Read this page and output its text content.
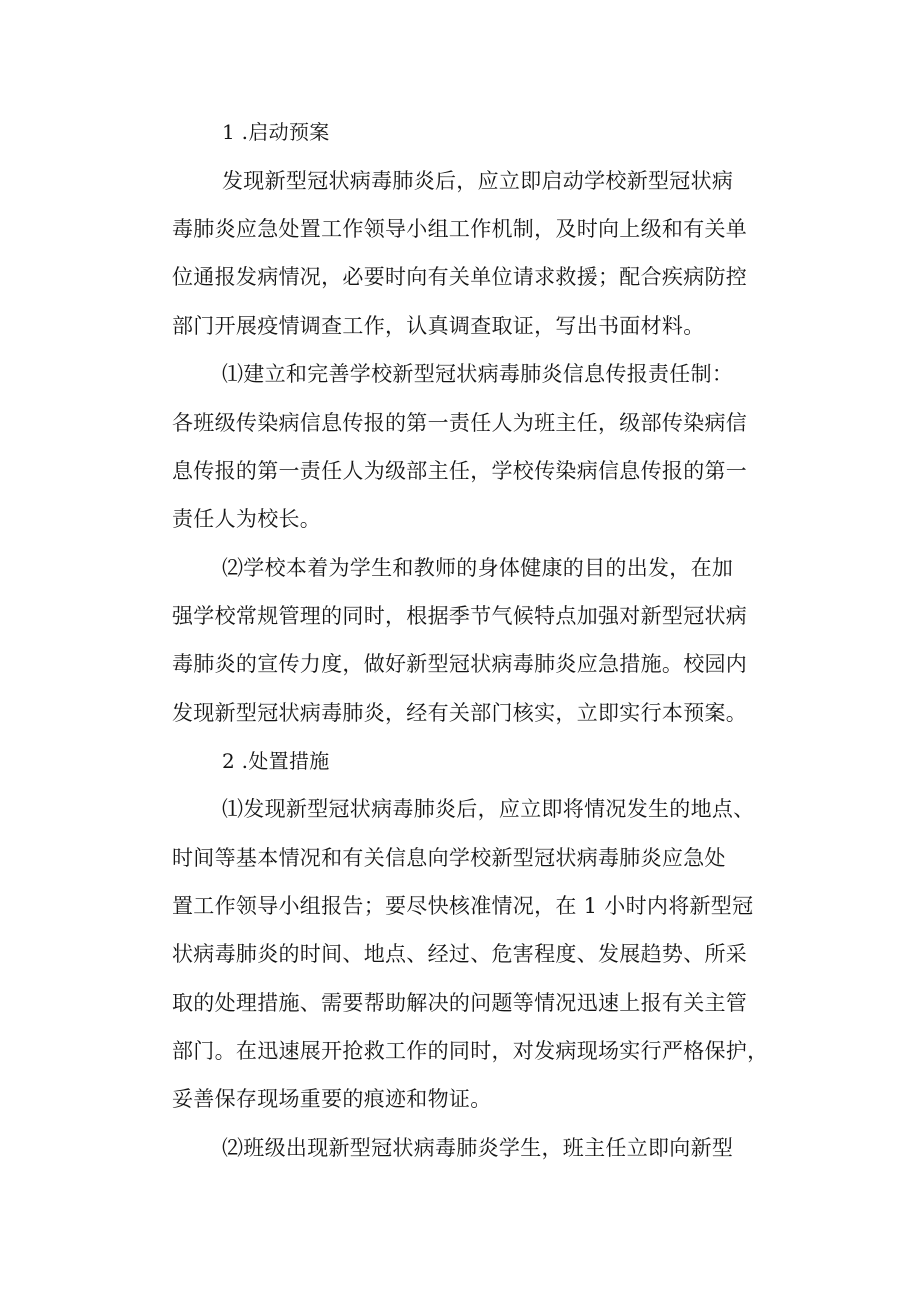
1 .启动预案
发现新型冠状病毒肺炎后，应立即启动学校新型冠状病
毒肺炎应急处置工作领导小组工作机制，及时向上级和有关单
位通报发病情况，必要时向有关单位请求救援；配合疾病防控
部门开展疫情调查工作，认真调查取证，写出书面材料。
⑴建立和完善学校新型冠状病毒肺炎信息传报责任制：
各班级传染病信息传报的第一责任人为班主任，级部传染病信
息传报的第一责任人为级部主任，学校传染病信息传报的第一
责任人为校长。
⑵学校本着为学生和教师的身体健康的目的出发，在加
强学校常规管理的同时，根据季节气候特点加强对新型冠状病
毒肺炎的宣传力度，做好新型冠状病毒肺炎应急措施。校园内
发现新型冠状病毒肺炎，经有关部门核实，立即实行本预案。
2 .处置措施
⑴发现新型冠状病毒肺炎后，应立即将情况发生的地点、
时间等基本情况和有关信息向学校新型冠状病毒肺炎应急处
置工作领导小组报告；要尽快核准情况，在 1 小时内将新型冠
状病毒肺炎的时间、地点、经过、危害程度、发展趋势、所采
取的处理措施、需要帮助解决的问题等情况迅速上报有关主管
部门。在迅速展开抢救工作的同时，对发病现场实行严格保护，
妥善保存现场重要的痕迹和物证。
⑵班级出现新型冠状病毒肺炎学生，班主任立即向新型
